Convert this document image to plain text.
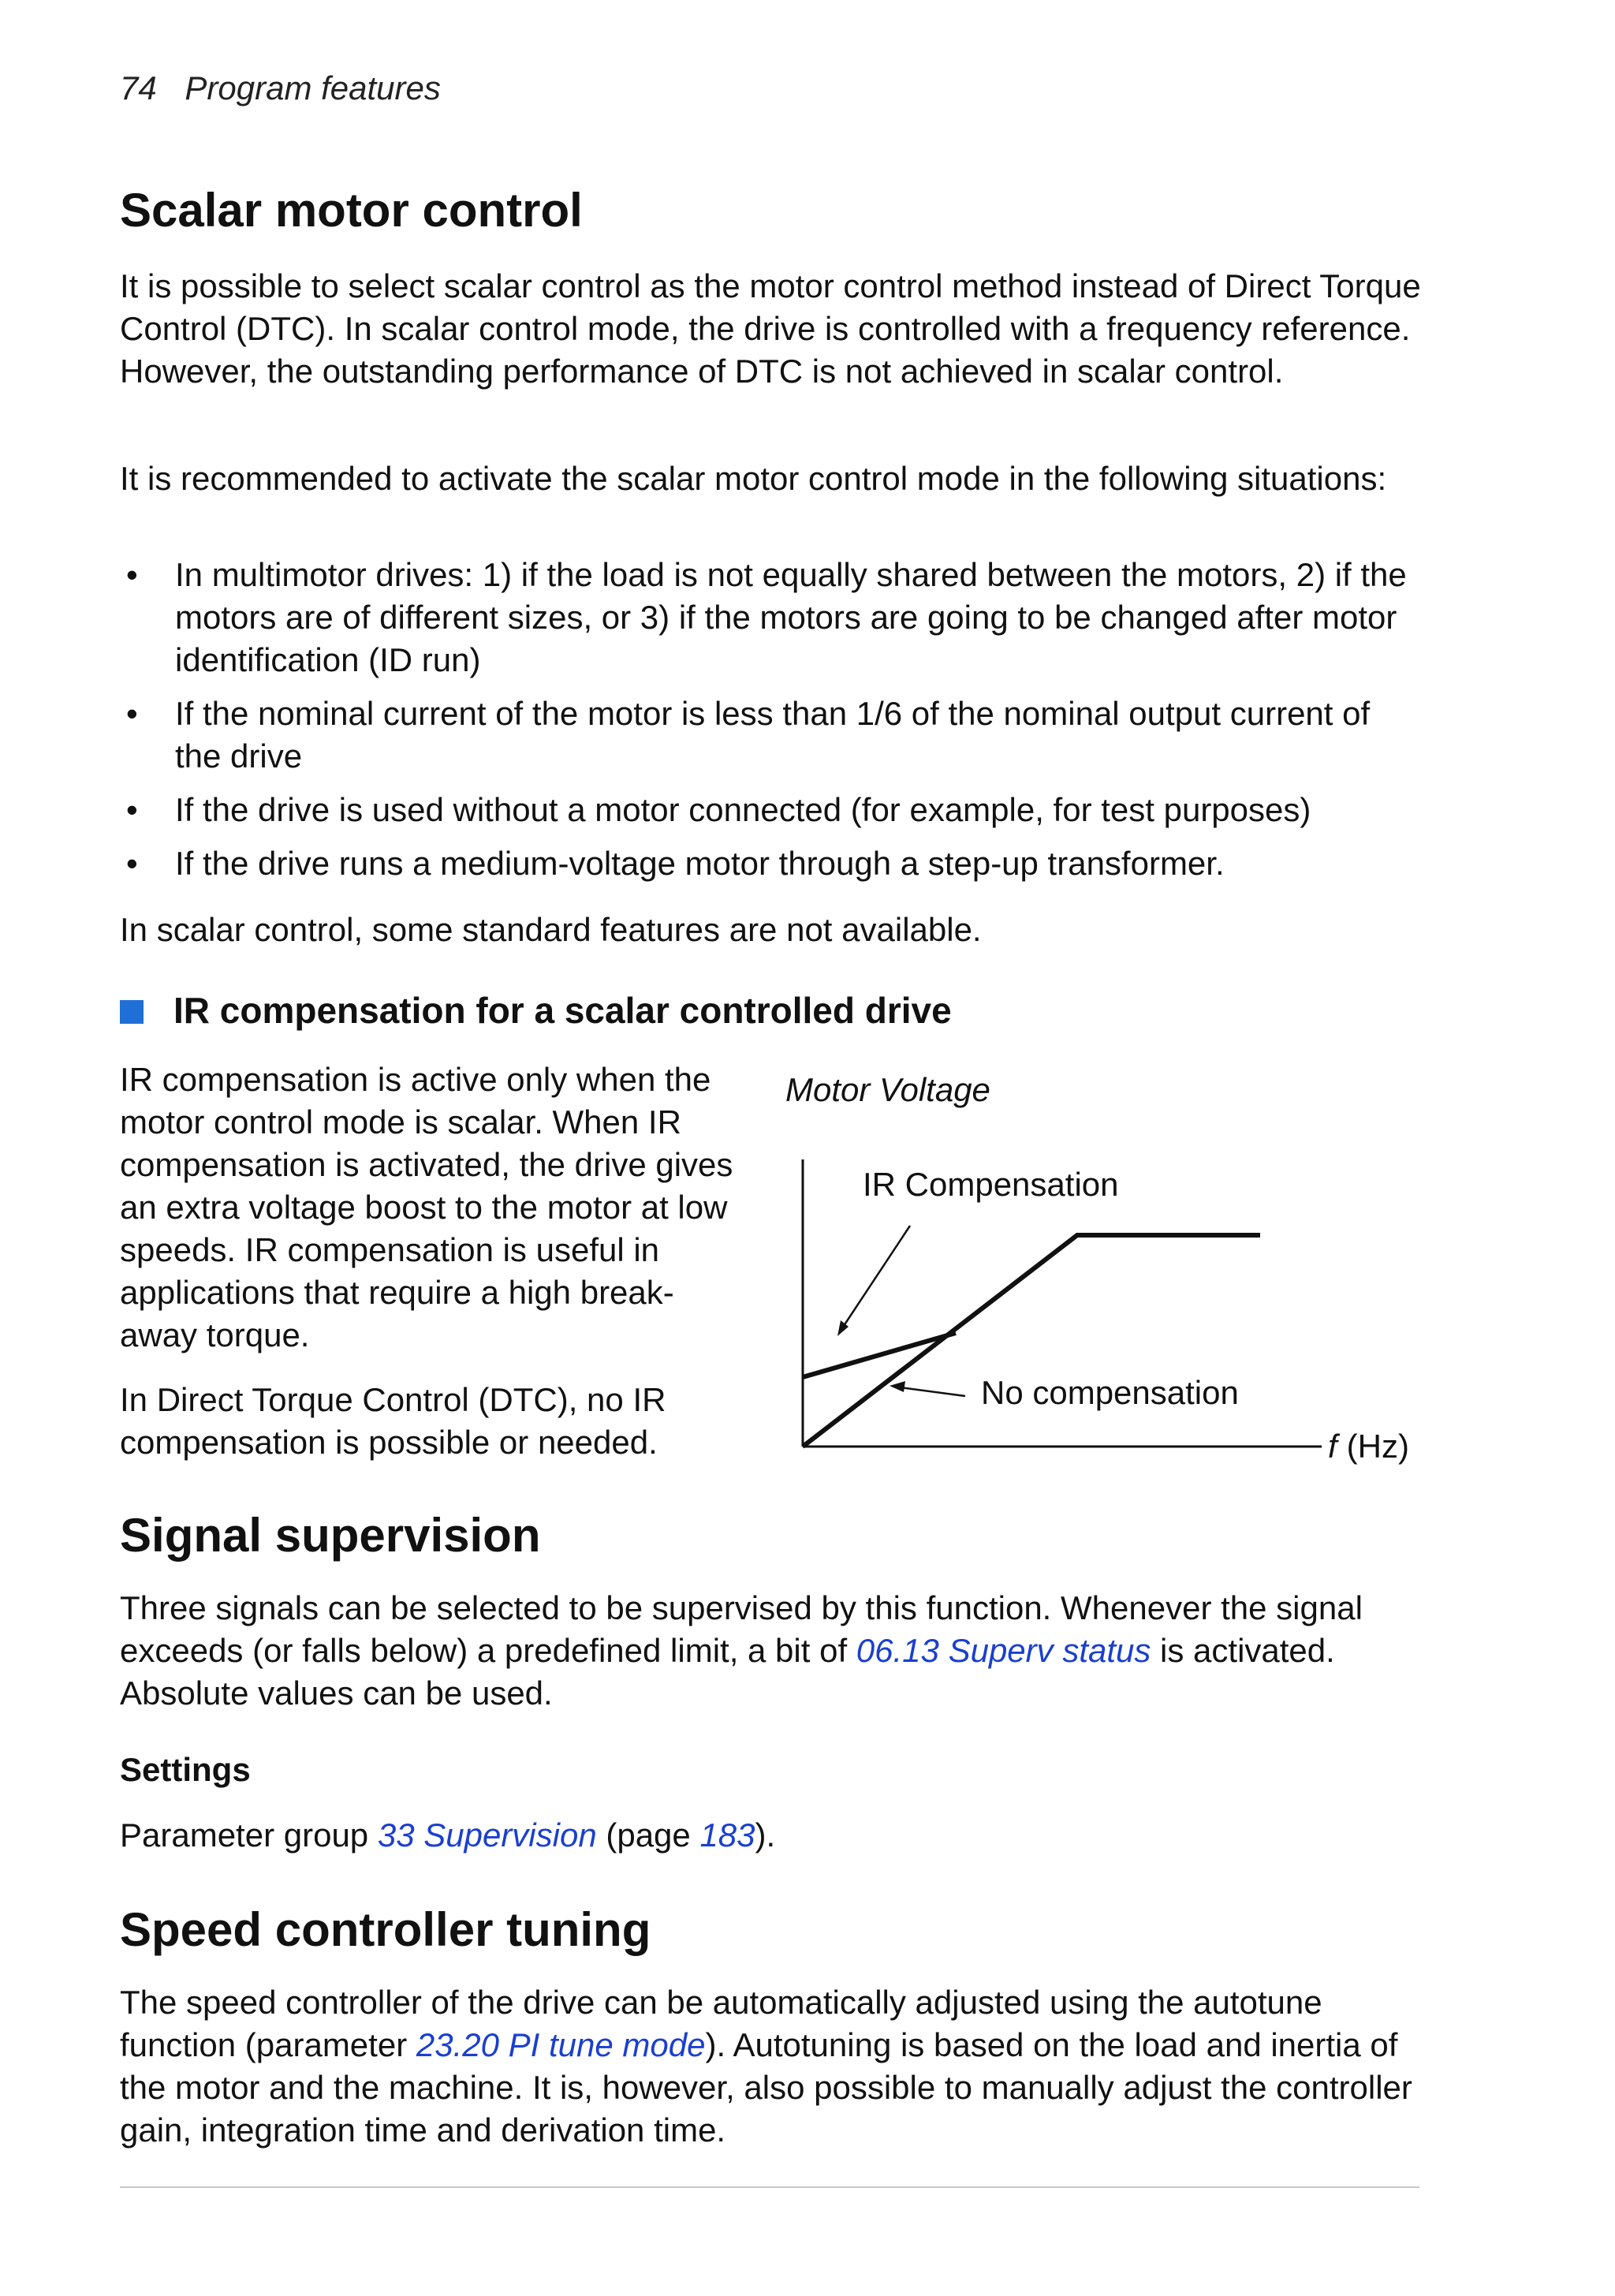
74 Program features
Scalar motor control

It is possible to select scalar control as the motor control method instead of Direct Torque Control (DTC). In scalar control mode, the drive is controlled with a frequency reference. However, the outstanding performance of DTC is not achieved in scalar control.

It is recommended to activate the scalar motor control mode in the following situations:

• In multimotor drives: 1) if the load is not equally shared between the motors, 2) if the motors are of different sizes, or 3) if the motors are going to be changed after motor identification (ID run)
• If the nominal current of the motor is less than 1/6 of the nominal output current of the drive
• If the drive is used without a motor connected (for example, for test purposes)
• If the drive runs a medium-voltage motor through a step-up transformer.

In scalar control, some standard features are not available.

IR compensation for a scalar controlled drive

IR compensation is active only when the motor control mode is scalar. When IR compensation is activated, the drive gives an extra voltage boost to the motor at low speeds. IR compensation is useful in applications that require a high break-away torque.

In Direct Torque Control (DTC), no IR compensation is possible or needed.

Motor Voltage
f (Hz)
IR Compensation
No compensation
Signal supervision

Three signals can be selected to be supervised by this function. Whenever the signal exceeds (or falls below) a predefined limit, a bit of 06.13 Superv status is activated. Absolute values can be used.

Settings

Parameter group 33 Supervision (page 183).

Speed controller tuning

The speed controller of the drive can be automatically adjusted using the autotune function (parameter 23.20 PI tune mode). Autotuning is based on the load and inertia of the motor and the machine. It is, however, also possible to manually adjust the controller gain, integration time and derivation time.
